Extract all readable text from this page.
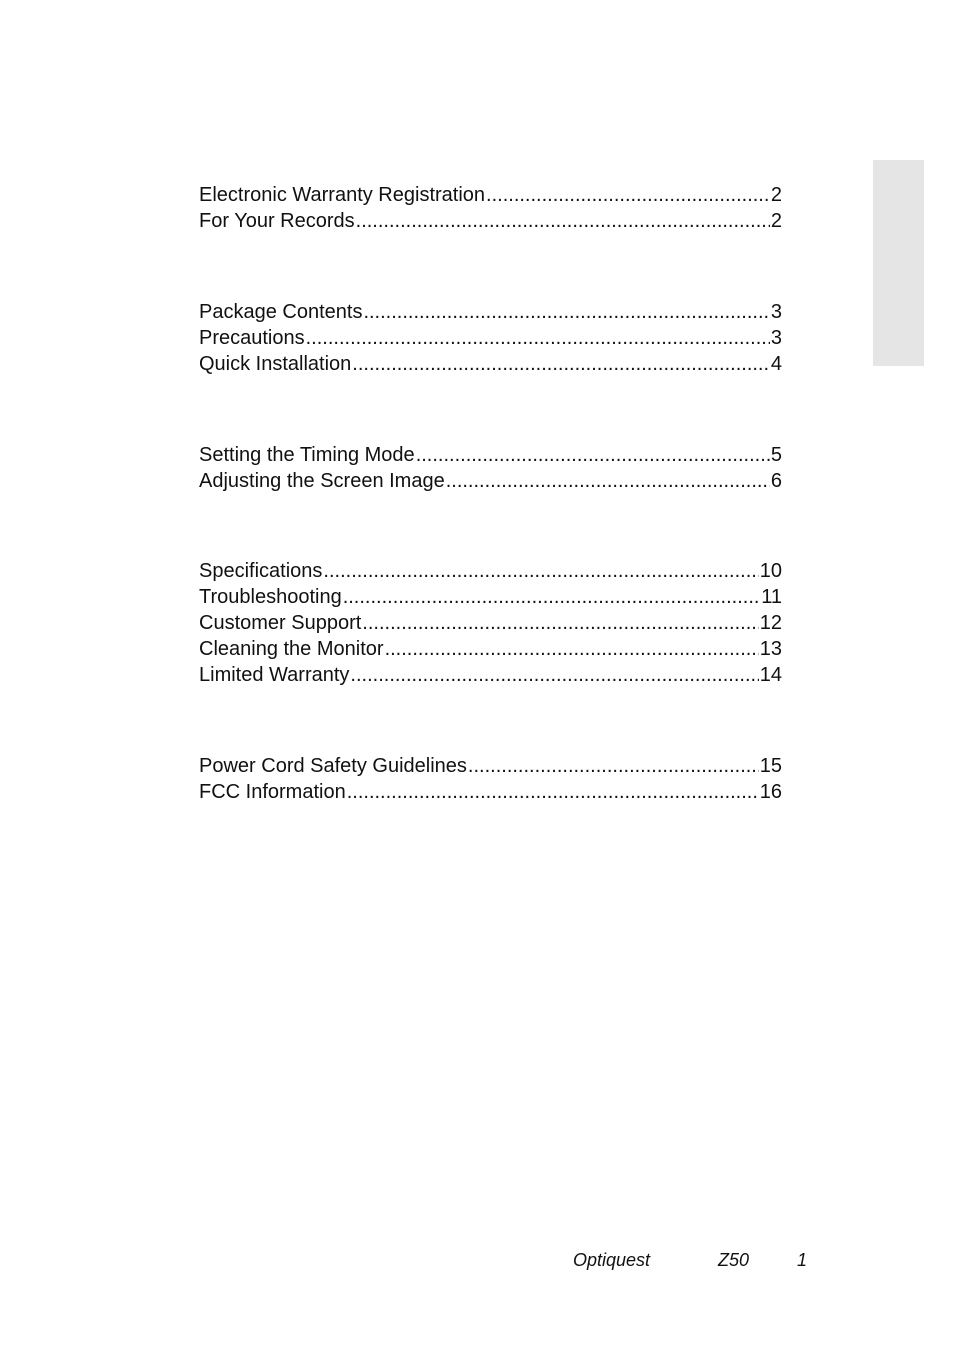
Electronic Warranty Registration .....	2
For Your Records .....	2
Package Contents .....	3
Precautions .....	3
Quick Installation .....	4
Setting the Timing Mode .....	5
Adjusting the Screen Image .....	6
Specifications .....	10
Troubleshooting .....	11
Customer Support .....	12
Cleaning the Monitor .....	13
Limited Warranty .....	14
Power Cord Safety Guidelines .....	15
FCC Information .....	16
Optiquest	Z50	1
